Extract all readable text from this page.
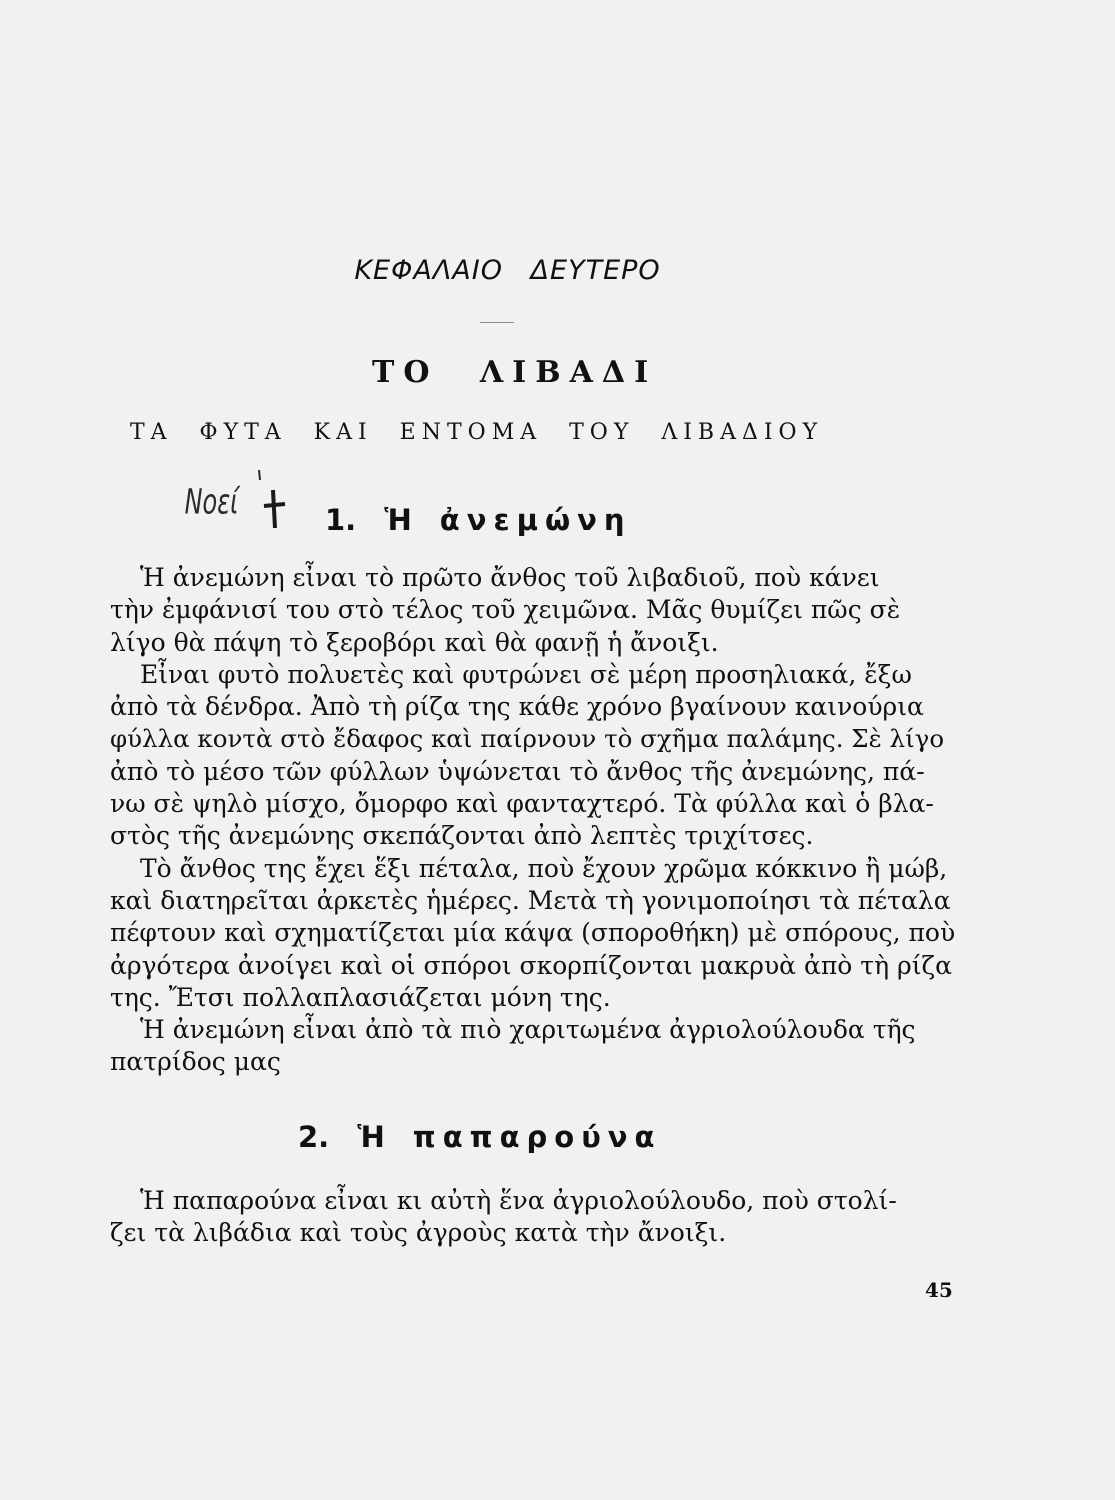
ΚΕΦΑΛΑΙΟ ΔΕΥΤΕΡΟ
ΤΟ ΛΙΒΑΔΙ
ΤΑ ΦΥΤΑ ΚΑΙ ΕΝΤΟΜΑ ΤΟΥ ΛΙΒΑΔΙΟΥ
Νοεί	1. Ἡ ἀνεμώνη
Ἡ ἀνεμώνη εἶναι τὸ πρῶτο ἄνθος τοῦ λιβαδιοῦ, ποὺ κάνει
τὴν ἐμφάνισί του στὸ τέλος τοῦ χειμῶνα. Μᾶς θυμίζει πῶς σὲ
λίγο θὰ πάψη τὸ ξεροβόρι καὶ θὰ φανῇ ἡ ἄνοιξι.
Εἶναι φυτὸ πολυετὲς καὶ φυτρώνει σὲ μέρη προσηλιακά, ἔξω
ἀπὸ τὰ δένδρα. Ἀπὸ τὴ ρίζα της κάθε χρόνο βγαίνουν καινούρια
φύλλα κοντὰ στὸ ἔδαφος καὶ παίρνουν τὸ σχῆμα παλάμης. Σὲ λίγο
ἀπὸ τὸ μέσο τῶν φύλλων ὑψώνεται τὸ ἄνθος τῆς ἀνεμώνης, πά-
νω σὲ ψηλὸ μίσχο, ὄμορφο καὶ φανταχτερό. Τὰ φύλλα καὶ ὁ βλα-
στὸς τῆς ἀνεμώνης σκεπάζονται ἀπὸ λεπτὲς τριχίτσες.
Τὸ ἄνθος της ἔχει ἕξι πέταλα, ποὺ ἔχουν χρῶμα κόκκινο ἢ μώβ,
καὶ διατηρεῖται ἀρκετὲς ἡμέρες. Μετὰ τὴ γονιμοποίησι τὰ πέταλα
πέφτουν καὶ σχηματίζεται μία κάψα (σποροθήκη) μὲ σπόρους, ποὺ
ἀργότερα ἀνοίγει καὶ οἱ σπόροι σκορπίζονται μακρυὰ ἀπὸ τὴ ρίζα
της. Ἔτσι πολλαπλασιάζεται μόνη της.
Ἡ ἀνεμώνη εἶναι ἀπὸ τὰ πιὸ χαριτωμένα ἀγριολούλουδα τῆς
πατρίδος μας
2. Ἡ παπαρούνα
Ἡ παπαρούνα εἶναι κι αὐτὴ ἕνα ἀγριολούλουδο, ποὺ στολί-
ζει τὰ λιβάδια καὶ τοὺς ἀγροὺς κατὰ τὴν ἄνοιξι.
45
